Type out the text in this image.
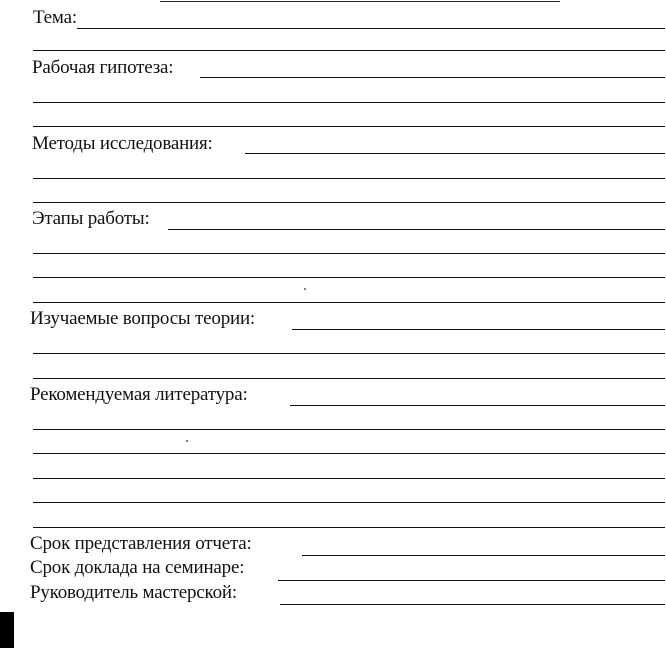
Тема:
Рабочая гипотеза:
Методы исследования:
Этапы работы:
Изучаемые вопросы теории:
Рекомендуемая литература:
Срок представления отчета:
Срок доклада на семинаре:
Руководитель мастерской:
